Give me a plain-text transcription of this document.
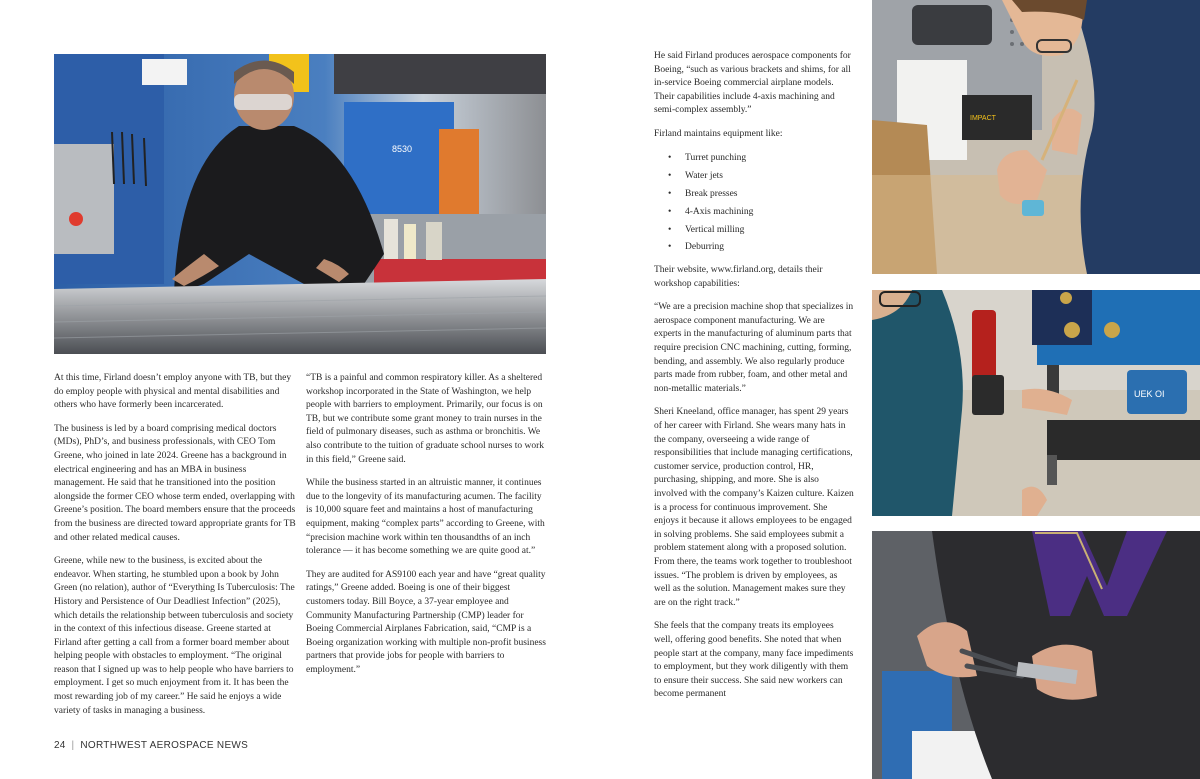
8530
IMPACT
UEK OI

At this time, Firland doesn’t employ anyone with TB, but they do employ people with physical and mental disabilities and others who have formerly been incarcerated.

The business is led by a board comprising medical doctors (MDs), PhD’s, and business professionals, with CEO Tom Greene, who joined in late 2024. Greene has a background in electrical engineering and has an MBA in business management. He said that he transitioned into the position alongside the former CEO whose term ended, overlapping with Greene’s position. The board members ensure that the proceeds from the business are directed toward appropriate grants for TB and other related medical causes.

Greene, while new to the business, is excited about the endeavor. When starting, he stumbled upon a book by John Green (no relation), author of “Everything Is Tuberculosis: The History and Persistence of Our Deadliest Infection” (2025), which details the relationship between tuberculosis and society in the context of this infectious disease. Greene started at Firland after getting a call from a former board member about helping people with obstacles to employment. “The original reason that I signed up was to help people who have barriers to employment. I get so much enjoyment from it. It has been the most rewarding job of my career.” He said he enjoys a wide variety of tasks in managing a business.

“TB is a painful and common respiratory killer. As a sheltered workshop incorporated in the State of Washington, we help people with barriers to employment. Primarily, our focus is on TB, but we contribute some grant money to train nurses in the field of pulmonary diseases, such as asthma or bronchitis. We also contribute to the tuition of graduate school nurses to work in this field,” Greene said.

While the business started in an altruistic manner, it continues due to the longevity of its manufacturing acumen. The facility is 10,000 square feet and maintains a host of manufacturing equipment, making “complex parts” according to Greene, with “precision machine work within ten thousandths of an inch tolerance — it has become something we are quite good at.”

They are audited for AS9100 each year and have “great quality ratings,” Greene added. Boeing is one of their biggest customers today. Bill Boyce, a 37-year employee and Community Manufacturing Partnership (CMP) leader for Boeing Commercial Airplanes Fabrication, said, “CMP is a Boeing organization working with multiple non-profit business partners that provide jobs for people with barriers to employment.”

He said Firland produces aerospace components for Boeing, “such as various brackets and shims, for all in-service Boeing commercial airplane models. Their capabilities include 4-axis machining and semi-complex assembly.”

Firland maintains equipment like:

• Turret punching
• Water jets
• Break presses
• 4-Axis machining
• Vertical milling
• Deburring

Their website, www.firland.org, details their workshop capabilities:

“We are a precision machine shop that specializes in aerospace component manufacturing. We are experts in the manufacturing of aluminum parts that require precision CNC machining, cutting, forming, bending, and assembly. We also regularly produce parts made from rubber, foam, and other metal and non-metallic materials.”

Sheri Kneeland, office manager, has spent 29 years of her career with Firland. She wears many hats in the company, overseeing a wide range of responsibilities that include managing certifications, customer service, production control, HR, purchasing, shipping, and more. She is also involved with the company’s Kaizen culture. Kaizen is a process for continuous improvement. She enjoys it because it allows employees to be engaged in solving problems. She said employees submit a problem statement along with a proposed solution. From there, the teams work together to troubleshoot issues. “The problem is driven by employees, as well as the solution. Management makes sure they are on the right track.”

She feels that the company treats its employees well, offering good benefits. She noted that when people start at the company, many face impediments to employment, but they work diligently with them to ensure their success. She said new workers can become permanent

24 | NORTHWEST AEROSPACE NEWS
